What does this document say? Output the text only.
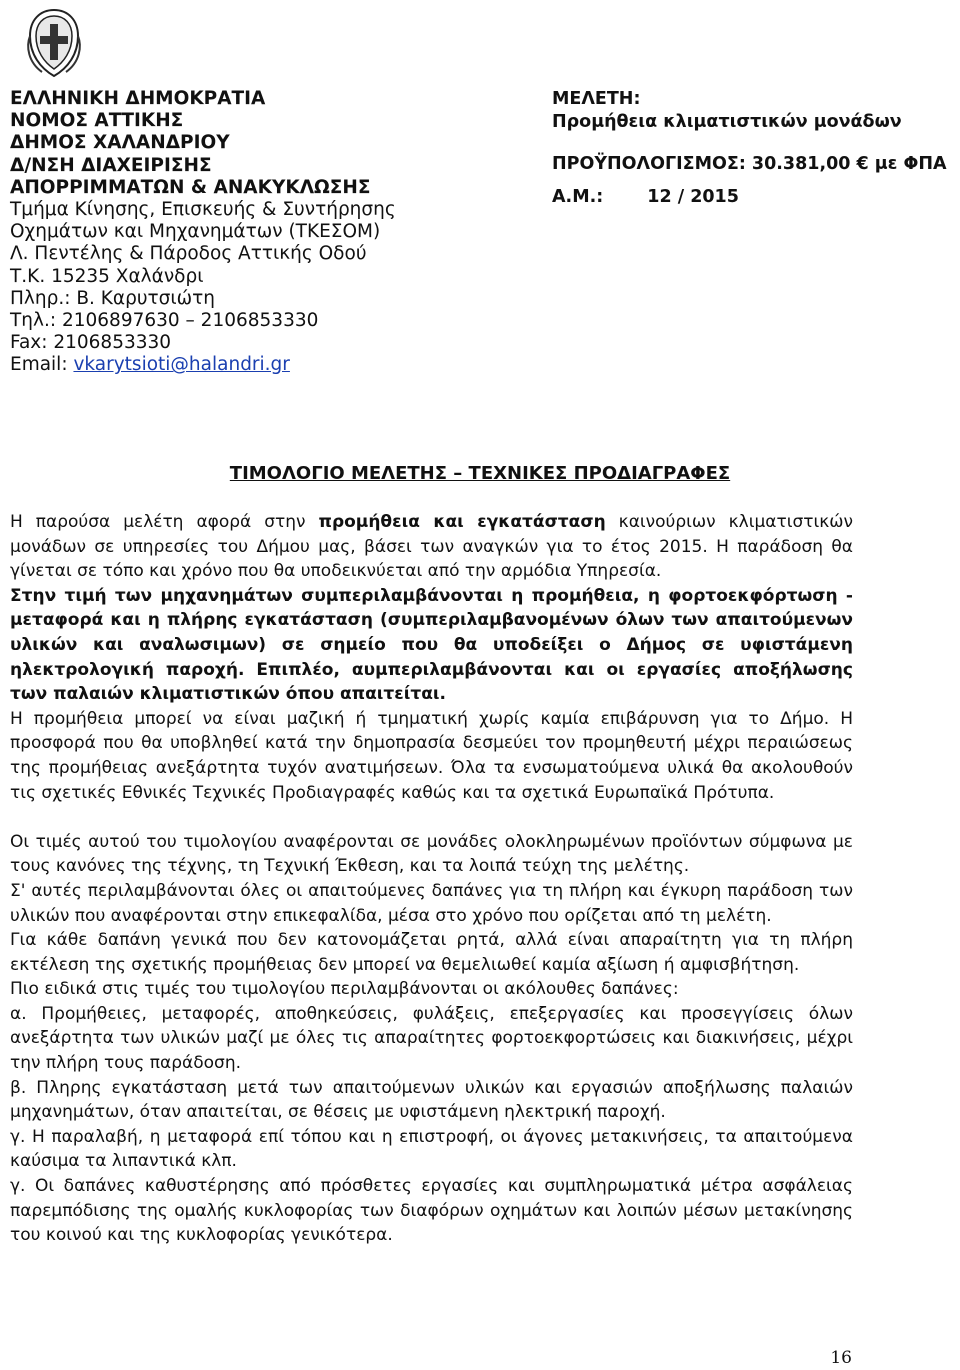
ΕΛΛΗΝΙΚΗ ΔΗΜΟΚΡΑΤΙΑ
ΝΟΜΟΣ ΑΤΤΙΚΗΣ
ΔΗΜΟΣ ΧΑΛΑΝΔΡΙΟΥ
Δ/ΝΣΗ ΔΙΑΧΕΙΡΙΣΗΣ
ΑΠΟΡΡΙΜΜΑΤΩΝ & ΑΝΑΚΥΚΛΩΣΗΣ
Τμήμα Κίνησης, Επισκευής & Συντήρησης
Οχημάτων και Μηχανημάτων (ΤΚΕΣΟΜ)
Λ. Πεντέλης & Πάροδος Αττικής Οδού
Τ.Κ. 15235 Χαλάνδρι
Πληρ.: Β. Καρυτσιώτη
Τηλ.: 2106897630 – 2106853330
Fax: 2106853330
Email: vkarytsioti@halandri.gr
ΜΕΛΕΤΗ:
Προμήθεια κλιματιστικών μονάδων
ΠΡΟΫΠΟΛΟΓΙΣΜΟΣ: 30.381,00 € με ΦΠΑ
Α.Μ.:	12 / 2015
ΤΙΜΟΛΟΓΙΟ ΜΕΛΕΤΗΣ – ΤΕΧΝΙΚΕΣ ΠΡΟΔΙΑΓΡΑΦΕΣ

Η παρούσα μελέτη αφορά στην προμήθεια και εγκατάσταση καινούριων κλιματιστικών μονάδων σε υπηρεσίες του Δήμου μας, βάσει των αναγκών για το έτος 2015. Η παράδοση θα γίνεται σε τόπο και χρόνο που θα υποδεικνύεται από την αρμόδια Υπηρεσία.

Στην τιμή των μηχανημάτων συμπεριλαμβάνονται η προμήθεια, η φορτοεκφόρτωση - μεταφορά και η πλήρης εγκατάσταση (συμπεριλαμβανομένων όλων των απαιτούμενων υλικών και αναλωσιμων) σε σημείο που θα υποδείξει ο Δήμος σε υφιστάμενη ηλεκτρολογική παροχή. Επιπλέο, αυμπεριλαμβάνονται και οι εργασίες αποξήλωσης των παλαιών κλιματιστικών όπου απαιτείται.

Η προμήθεια μπορεί να είναι μαζική ή τμηματική χωρίς καμία επιβάρυνση για το Δήμο. Η προσφορά που θα υποβληθεί κατά την δημοπρασία δεσμεύει τον προμηθευτή μέχρι περαιώσεως της προμήθειας ανεξάρτητα τυχόν ανατιμήσεων. Όλα τα ενσωματούμενα υλικά θα ακολουθούν τις σχετικές Εθνικές Τεχνικές Προδιαγραφές καθώς και τα σχετικά Ευρωπαϊκά Πρότυπα.

Οι τιμές αυτού του τιμολογίου αναφέρονται σε μονάδες ολοκληρωμένων προϊόντων σύμφωνα με τους κανόνες της τέχνης, τη Τεχνική Έκθεση, και τα λοιπά τεύχη της μελέτης.

Σ' αυτές περιλαμβάνονται όλες οι απαιτούμενες δαπάνες για τη πλήρη και έγκυρη παράδοση των υλικών που αναφέρονται στην επικεφαλίδα, μέσα στο χρόνο που ορίζεται από τη μελέτη.

Για κάθε δαπάνη γενικά που δεν κατονομάζεται ρητά, αλλά είναι απαραίτητη για τη πλήρη εκτέλεση της σχετικής προμήθειας δεν μπορεί να θεμελιωθεί καμία αξίωση ή αμφισβήτηση.

Πιο ειδικά στις τιμές του τιμολογίου περιλαμβάνονται οι ακόλουθες δαπάνες:

α. Προμήθειες, μεταφορές, αποθηκεύσεις, φυλάξεις, επεξεργασίες και προσεγγίσεις όλων ανεξάρτητα των υλικών μαζί με όλες τις απαραίτητες φορτοεκφορτώσεις και διακινήσεις, μέχρι την πλήρη τους παράδοση.

β. Πληρης εγκατάσταση μετά των απαιτούμενων υλικών και εργασιών αποξήλωσης παλαιών μηχανημάτων, όταν απαιτείται, σε θέσεις με υφιστάμενη ηλεκτρική παροχή.

γ. Η παραλαβή, η μεταφορά επί τόπου και η επιστροφή, οι άγονες μετακινήσεις, τα απαιτούμενα καύσιμα τα λιπαντικά κλπ.

γ. Οι δαπάνες καθυστέρησης από πρόσθετες εργασίες και συμπληρωματικά μέτρα ασφάλειας παρεμπόδισης της ομαλής κυκλοφορίας των διαφόρων οχημάτων και λοιπών μέσων μετακίνησης του κοινού και της κυκλοφορίας γενικότερα.

16
